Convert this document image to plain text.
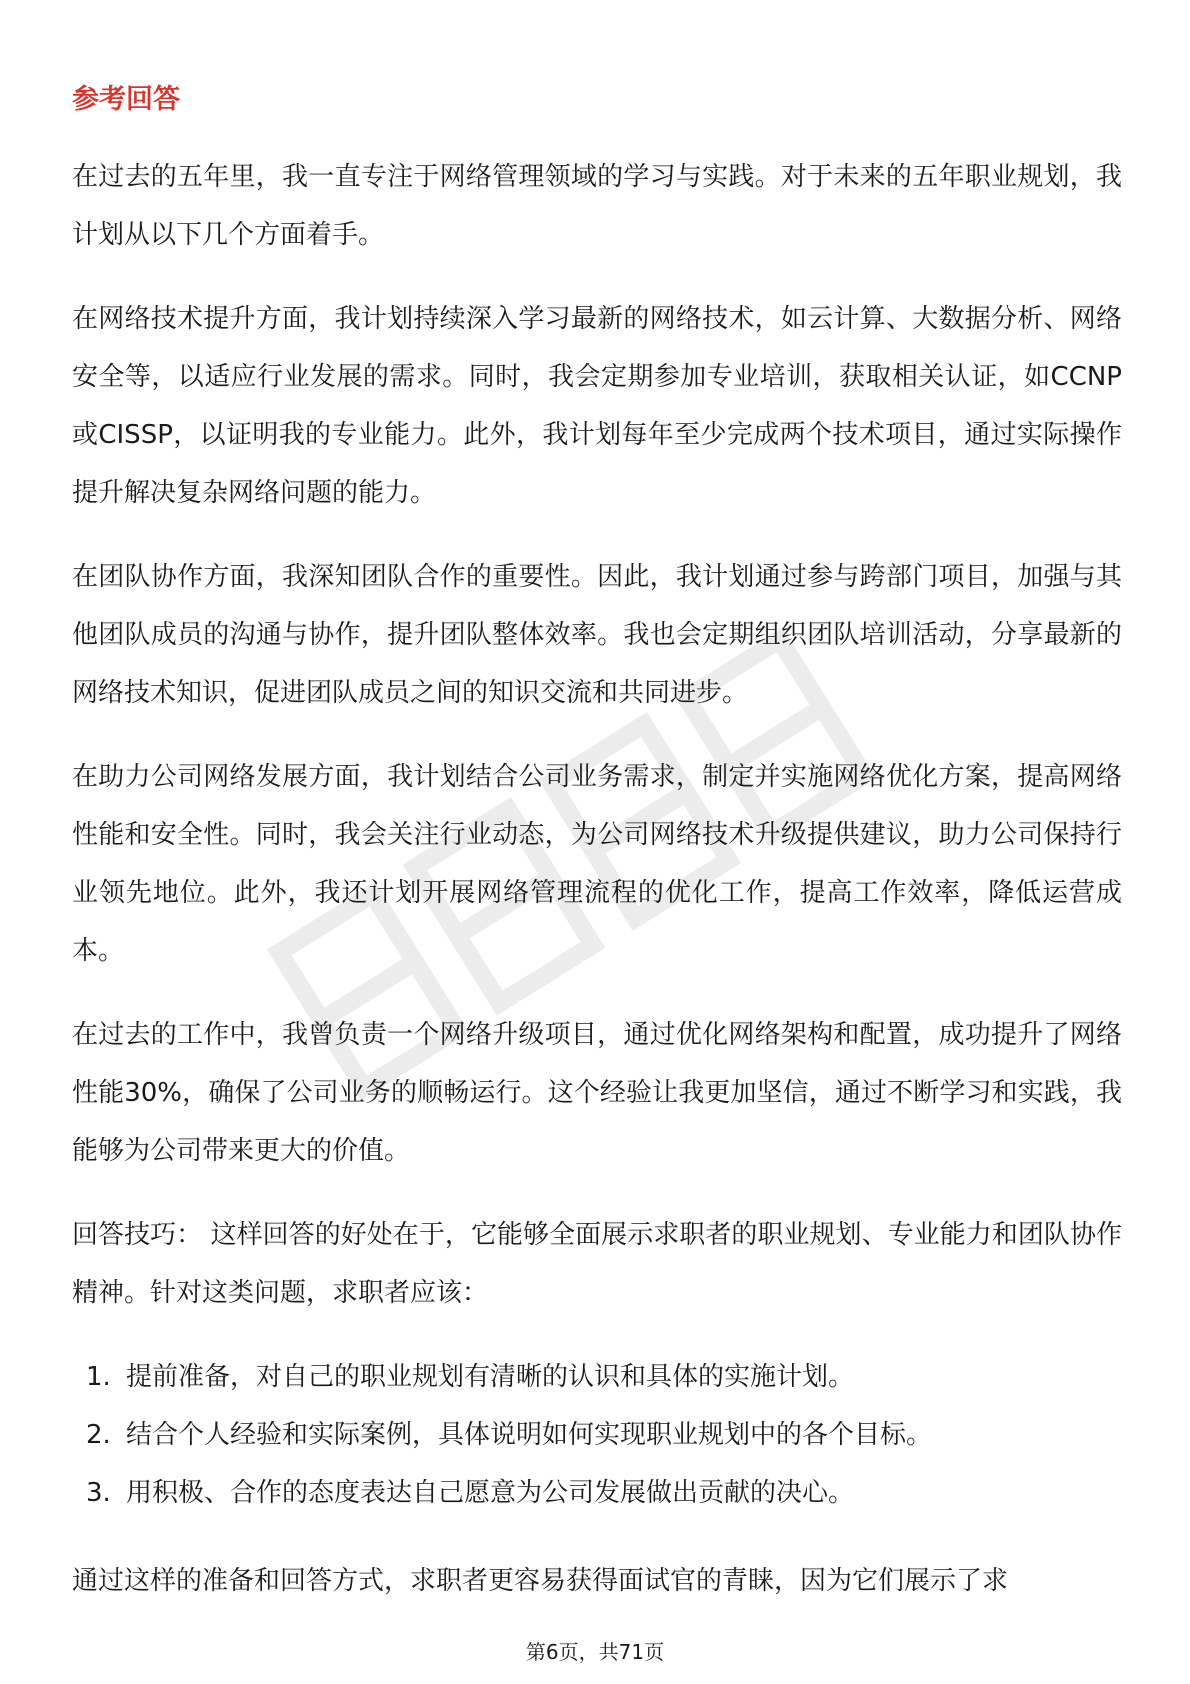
参考回答

在过去的五年里，我一直专注于网络管理领域的学习与实践。对于未来的五年职业规划，我计划从以下几个方面着手。

在网络技术提升方面，我计划持续深入学习最新的网络技术，如云计算、大数据分析、网络安全等，以适应行业发展的需求。同时，我会定期参加专业培训，获取相关认证，如CCNP或CISSP，以证明我的专业能力。此外，我计划每年至少完成两个技术项目，通过实际操作提升解决复杂网络问题的能力。

在团队协作方面，我深知团队合作的重要性。因此，我计划通过参与跨部门项目，加强与其他团队成员的沟通与协作，提升团队整体效率。我也会定期组织团队培训活动，分享最新的网络技术知识，促进团队成员之间的知识交流和共同进步。

在助力公司网络发展方面，我计划结合公司业务需求，制定并实施网络优化方案，提高网络性能和安全性。同时，我会关注行业动态，为公司网络技术升级提供建议，助力公司保持行业领先地位。此外，我还计划开展网络管理流程的优化工作，提高工作效率，降低运营成本。

在过去的工作中，我曾负责一个网络升级项目，通过优化网络架构和配置，成功提升了网络性能30%，确保了公司业务的顺畅运行。这个经验让我更加坚信，通过不断学习和实践，我能够为公司带来更大的价值。

回答技巧： 这样回答的好处在于，它能够全面展示求职者的职业规划、专业能力和团队协作精神。针对这类问题，求职者应该：

1. 提前准备，对自己的职业规划有清晰的认识和具体的实施计划。
2. 结合个人经验和实际案例，具体说明如何实现职业规划中的各个目标。
3. 用积极、合作的态度表达自己愿意为公司发展做出贡献的决心。

通过这样的准备和回答方式，求职者更容易获得面试官的青睐，因为它们展示了求

第6页，共71页
